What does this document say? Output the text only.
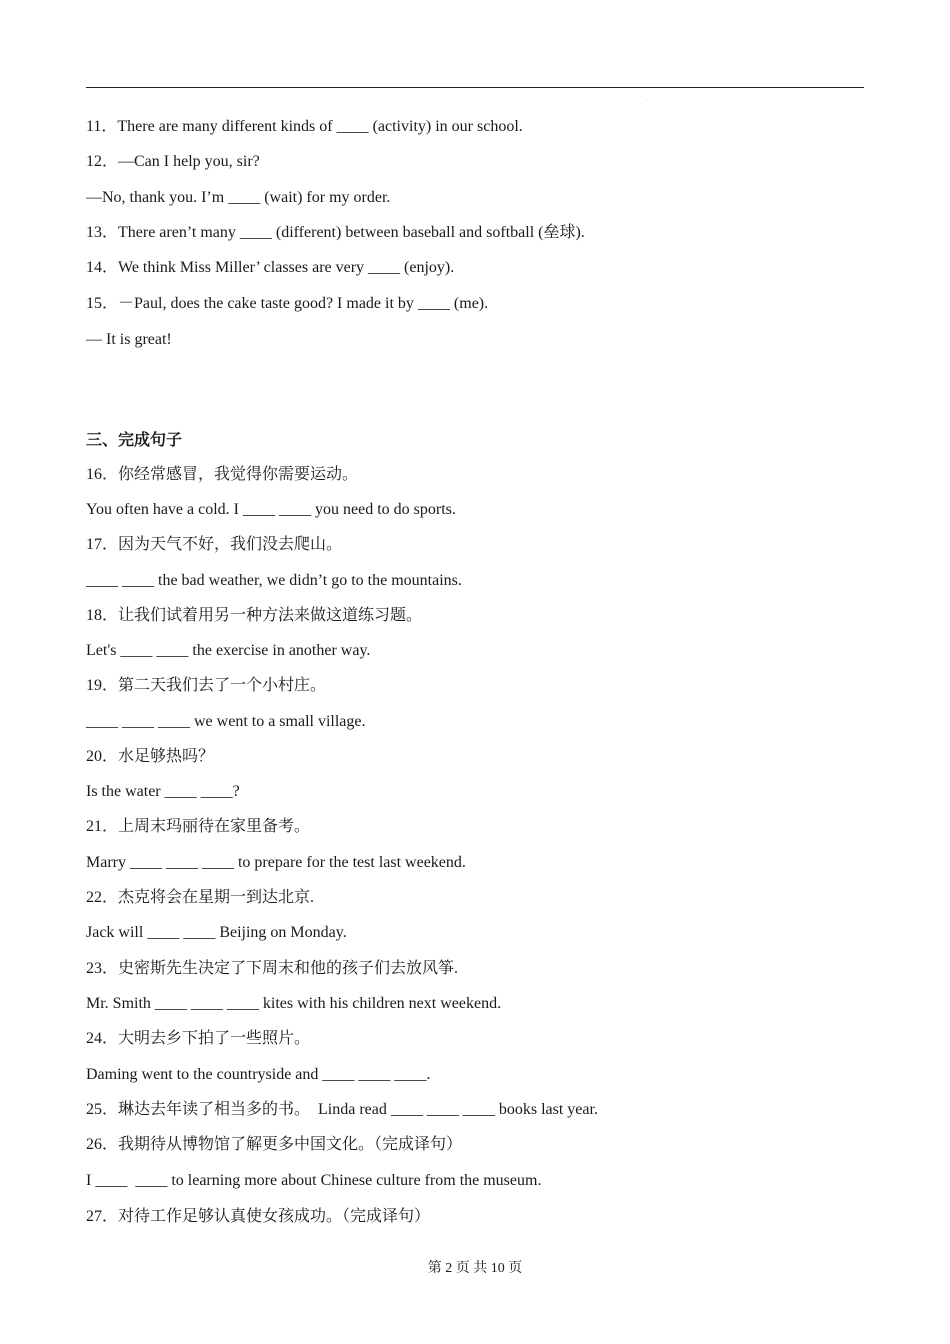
.
11．There are many different kinds of ____ (activity) in our school.
12．—Can I help you, sir?
—No, thank you. I’m ____ (wait) for my order.
13．There aren’t many ____ (different) between baseball and softball (垒球).
14．We think Miss Miller’ classes are very ____ (enjoy).
15．－Paul, does the cake taste good? I made it by ____ (me).
— It is great!
三、完成句子
16．你经常感冒，我觉得你需要运动。
You often have a cold. I ____ ____ you need to do sports.
17．因为天气不好，我们没去爬山。
____ ____ the bad weather, we didn’t go to the mountains.
18．让我们试着用另一种方法来做这道练习题。
Let's ____ ____ the exercise in another way.
19．第二天我们去了一个小村庄。
____ ____ ____ we went to a small village.
20．水足够热吗？
Is the water ____ ____?
21．上周末玛丽待在家里备考。
Marry ____ ____ ____ to prepare for the test last weekend.
22．杰克将会在星期一到达北京.
Jack will ____ ____ Beijing on Monday.
23．史密斯先生决定了下周末和他的孩子们去放风筝.
Mr. Smith ____ ____ ____ kites with his children next weekend.
24．大明去乡下拍了一些照片。
Daming went to the countryside and ____ ____ ____.
25．琳达去年读了相当多的书。  Linda read ____ ____ ____ books last year.
26．我期待从博物馆了解更多中国文化。（完成译句）
I ____  ____ to learning more about Chinese culture from the museum.
27．对待工作足够认真使女孩成功。（完成译句）
第 2 页 共 10 页
